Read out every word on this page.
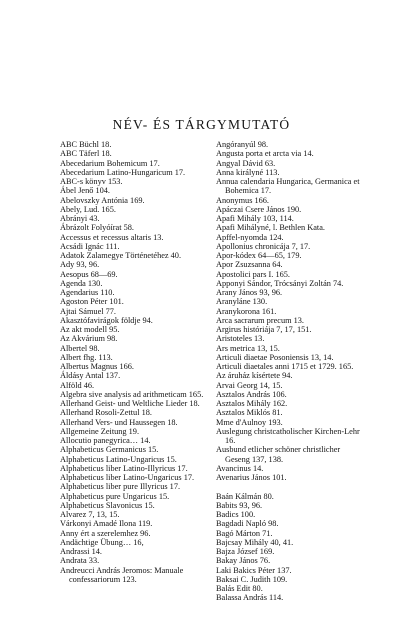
NÉV- ÉS TÁRGYMUTATÓ
ABC Büchl 18.
ABC Täferl 18.
Abecedarium Bohemicum 17.
Abecedarium Latino-Hungaricum 17.
ABC-s könyv 153.
Ábel Jenő 104.
Abelovszky Antónia 169.
Abely, Lud. 165.
Abrányi 43.
Ábrázolt Folyóírat 58.
Accessus et recessus altaris 13.
Acsádi Ignác 111.
Adatok Zalamegye Történetéhez 40.
Ady 93, 96.
Aesopus 68—69.
Agenda 130.
Agendarius 110.
Agoston Péter 101.
Ajtai Sámuel 77.
Akasztófavirágok földje 94.
Az akt modell 95.
Az Akvárium 98.
Albertel 98.
Albert fhg. 113.
Albertus Magnus 166.
Áldásy Antal 137.
Alföld 46.
Algebra sive analysis ad arithmeticam 165.
Allerhand Geist- und Weltliche Lieder 18.
Allerhand Rosoli-Zettul 18.
Allerhand Vers- und Haussegen 18.
Allgemeine Zeitung 19.
Allocutio panegyrica… 14.
Alphabeticus Germanicus 15.
Alphabeticus Latino-Ungaricus 15.
Alphabeticus liber Latino-Illyricus 17.
Alphabeticus liber Latino-Ungaricus 17.
Alphabeticus liber pure Illyricus 17.
Alphabeticus pure Ungaricus 15.
Alphabeticus Slavonicus 15.
Alvarez 7, 13, 15.
Várkonyi Amadé Ilona 119.
Anny ért a szerelemhez 96.
Andächtige Übung… 16,
Andrassi 14.
Andrata 33.
Andreucci András Jeromos: Manuale confessariorum 123.
Angóranyúl 98.
Angusta porta et arcta via 14.
Angyal Dávid 63.
Anna királyné 113.
Annua calendaria Hungarica, Germanica et Bohemica 17.
Anonymus 166.
Apáczai Csere János 190.
Apafi Mihály 103, 114.
Apafi Mihályné, l. Bethlen Kata.
Apffel-nyomda 124.
Apollonius chronicája 7, 17.
Apor-kódex 64—65, 179.
Apor Zsuzsanna 64.
Apostolici pars I. 165.
Apponyi Sándor, Trócsányi Zoltán 74.
Arany János 93, 96.
Aranyláne 130.
Aranykorona 161.
Arca sacrarum precum 13.
Argirus históriája 7, 17, 151.
Aristoteles 13.
Ars metrica 13, 15.
Articuli diaetae Posoniensis 13, 14.
Articuli diaetales anni 1715 et 1729. 165.
Az áruház kísértete 94.
Arvai Georg 14, 15.
Asztalos András 106.
Asztalos Mihály 162.
Asztalos Miklós 81.
Mme d'Aulnoy 193.
Auslegung christcatholischer Kirchen-Lehr 16.
Ausbund etlicher schöner christlicher Geseng 137, 138.
Avancinus 14.
Avenarius János 101.

Baán Kálmán 80.
Babits 93, 96.
Badics 100.
Bagdadi Napló 98.
Bagó Márton 71.
Bajcsay Mihály 40, 41.
Bajza József 169.
Bakay János 76.
Laki Bakics Péter 137.
Baksai C. Judith 109.
Balás Edit 80.
Balassa András 114.
